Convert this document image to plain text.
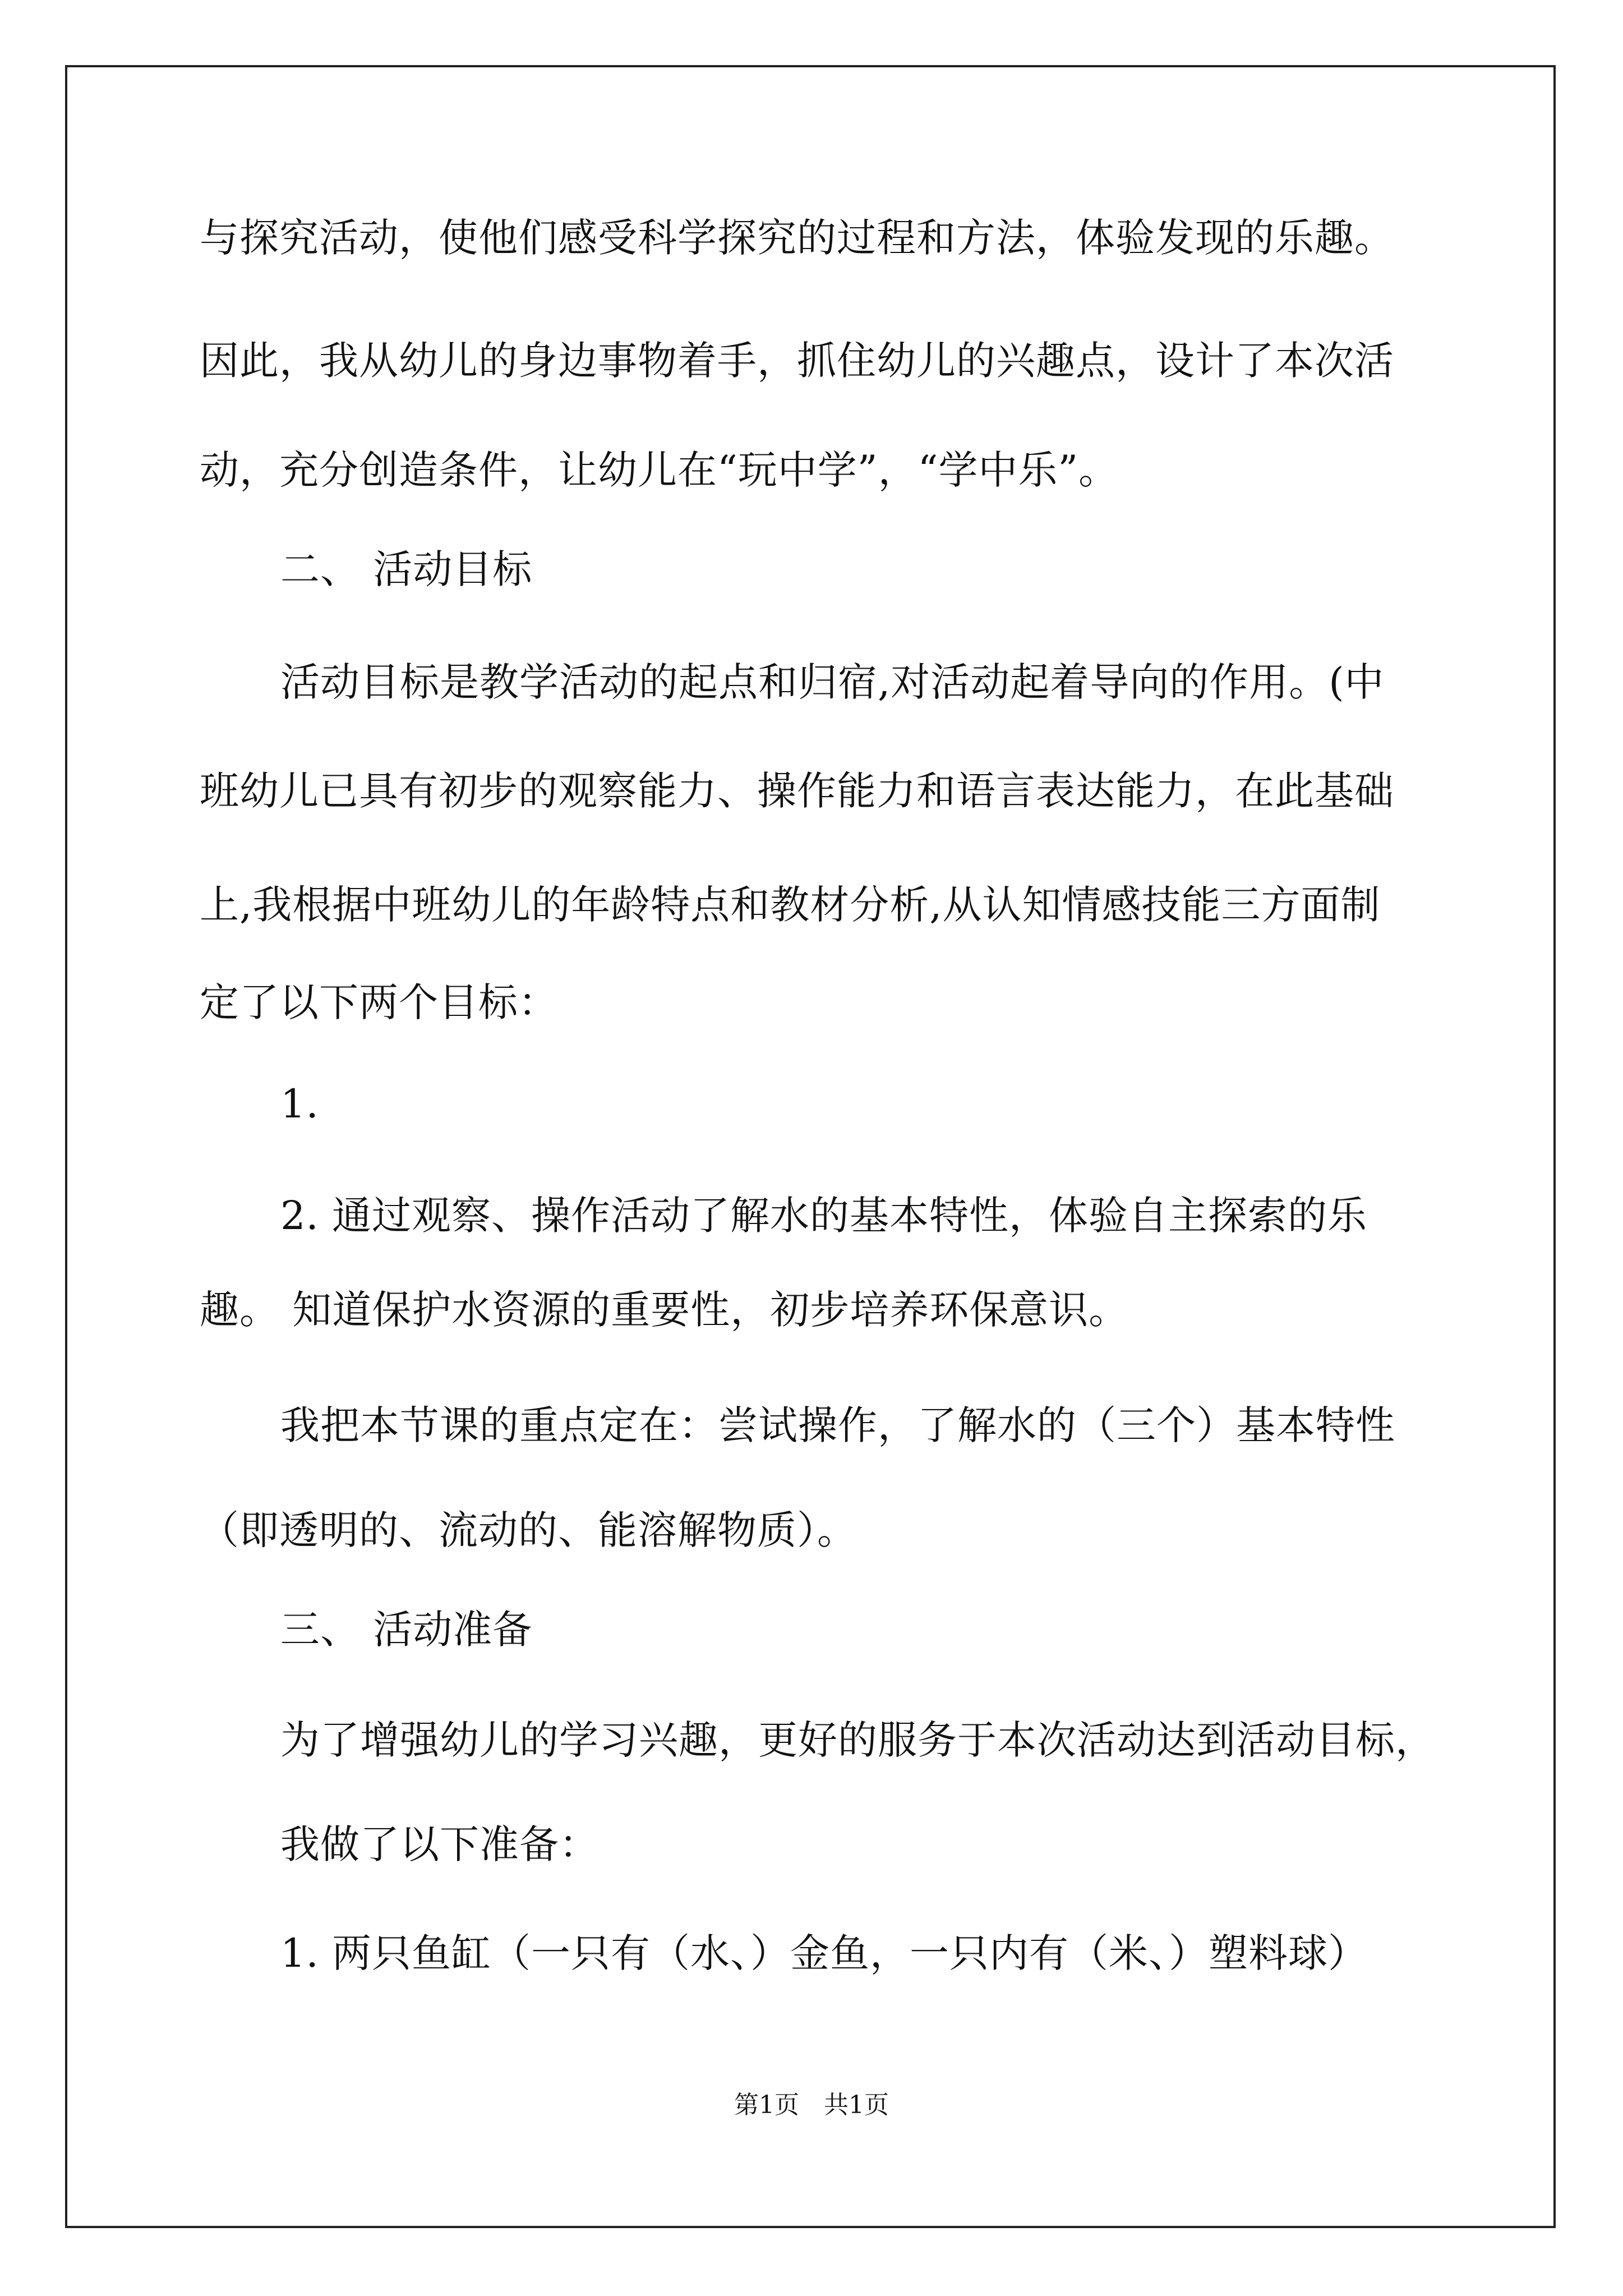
与探究活动，使他们感受科学探究的过程和方法，体验发现的乐趣。
因此，我从幼儿的身边事物着手，抓住幼儿的兴趣点，设计了本次活
动，充分创造条件，让幼儿在“玩中学”，“学中乐”。
二、 活动目标
活动目标是教学活动的起点和归宿,对活动起着导向的作用。(中
班幼儿已具有初步的观察能力、操作能力和语言表达能力，在此基础
上,我根据中班幼儿的年龄特点和教材分析,从认知情感技能三方面制
定了以下两个目标：
1.
2. 通过观察、操作活动了解水的基本特性，体验自主探索的乐
趣。 知道保护水资源的重要性，初步培养环保意识。
我把本节课的重点定在：尝试操作，了解水的（三个）基本特性
（即透明的、流动的、能溶解物质）。
三、 活动准备
为了增强幼儿的学习兴趣，更好的服务于本次活动达到活动目标，
我做了以下准备：
1. 两只鱼缸（一只有（水、）金鱼，一只内有（米、）塑料球）
第1页　共1页
